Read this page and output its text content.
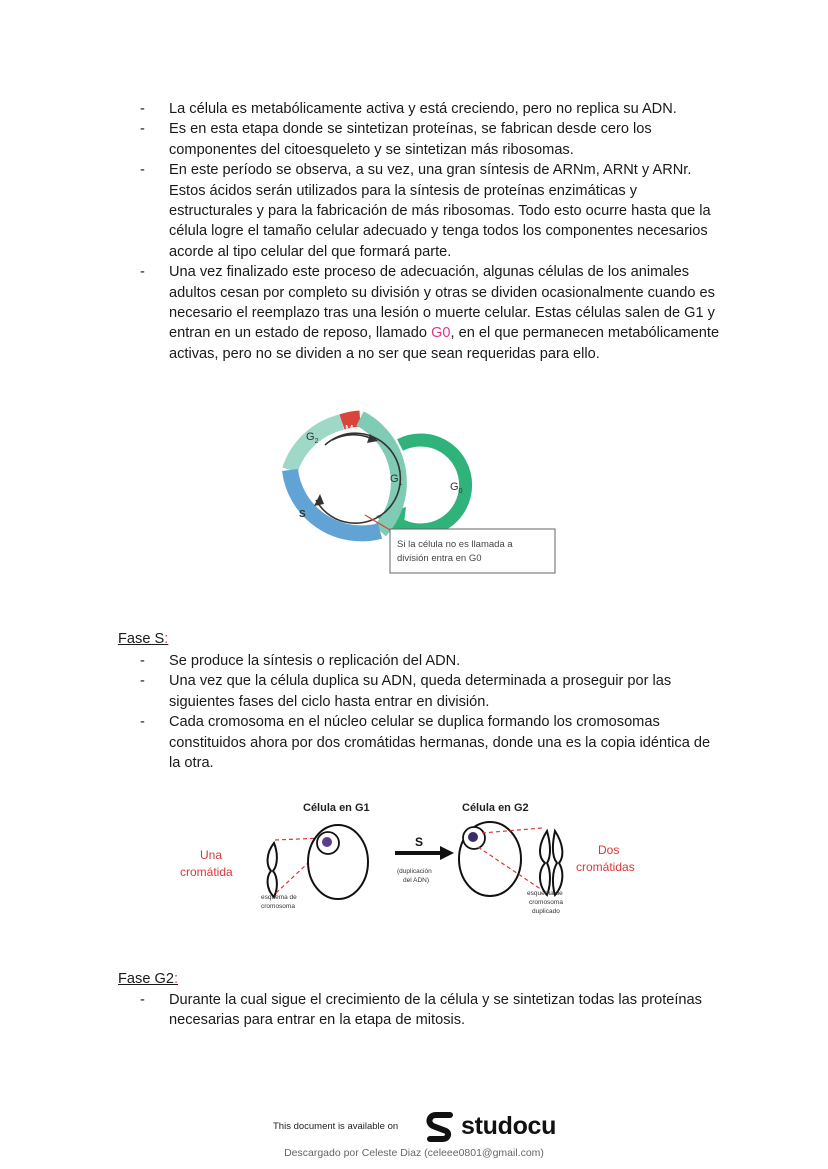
- La célula es metabólicamente activa y está creciendo, pero no replica su ADN.
- Es en esta etapa donde se sintetizan proteínas, se fabrican desde cero los componentes del citoesqueleto y se sintetizan más ribosomas.
- En este período se observa, a su vez, una gran síntesis de ARNm, ARNt y ARNr. Estos ácidos serán utilizados para la síntesis de proteínas enzimáticas y estructurales y para la fabricación de más ribosomas. Todo esto ocurre hasta que la célula logre el tamaño celular adecuado y tenga todos los componentes necesarios acorde al tipo celular del que formará parte.
- Una vez finalizado este proceso de adecuación, algunas células de los animales adultos cesan por completo su división y otras se dividen ocasionalmente cuando es necesario el reemplazo tras una lesión o muerte celular. Estas células salen de G1 y entran en un estado de reposo, llamado G0, en el que permanecen metabólicamente activas, pero no se dividen a no ser que sean requeridas para ello.
$G_2$
M
$G_1$
S
$G_0$
Si la célula no es llamada a
división entra en G0
Fase S:
- Se produce la síntesis o replicación del ADN.
- Una vez que la célula duplica su ADN, queda determinada a proseguir por las siguientes fases del ciclo hasta entrar en división.
- Cada cromosoma en el núcleo celular se duplica formando los cromosomas constituidos ahora por dos cromátidas hermanas, donde una es la copia idéntica de la otra.
Célula en G1	Célula en G2
Una
cromátida
esquema de
cromosoma
S
(duplicación
del ADN)
esquema de
cromosoma
duplicado
Dos
cromátidas
Fase G2:
- Durante la cual sigue el crecimiento de la célula y se sintetizan todas las proteínas necesarias para entrar en la etapa de mitosis.
This document is available on	studocu
Descargado por Celeste Diaz (celeee0801@gmail.com)
